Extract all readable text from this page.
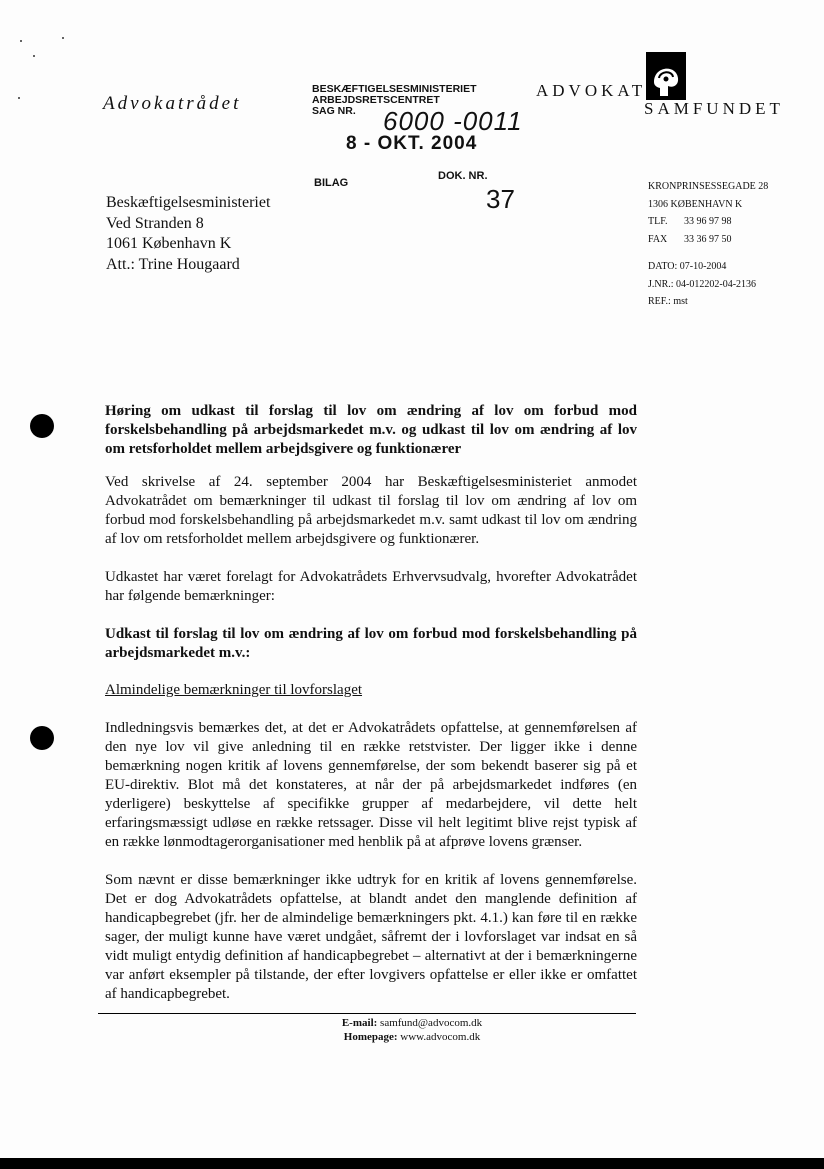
Advokatrådet
BESKÆFTIGELSESMINISTERIET
ARBEJDSRETSCENTRET
SAG NR.	6000 -0011
8 - OKT. 2004
BILAG
DOK. NR.
37
ADVOKAT
SAMFUNDET
Beskæftigelsesministeriet
Ved Stranden 8
1061 København K
Att.: Trine Hougaard
KRONPRINSESSEGADE 28
1306 KØBENHAVN K
TLF. 33 96 97 98
FAX 33 36 97 50
DATO: 07-10-2004
J.NR.: 04-012202-04-2136
REF.: mst

Høring om udkast til forslag til lov om ændring af lov om forbud mod forskelsbehandling på arbejdsmarkedet m.v. og udkast til lov om ændring af lov om retsforholdet mellem arbejdsgivere og funktionærer

Ved skrivelse af 24. september 2004 har Beskæftigelsesministeriet anmodet Advokatrådet om bemærkninger til udkast til forslag til lov om ændring af lov om forbud mod forskelsbehandling på arbejdsmarkedet m.v. samt udkast til lov om ændring af lov om retsforholdet mellem arbejdsgivere og funktionærer.

Udkastet har været forelagt for Advokatrådets Erhvervsudvalg, hvorefter Advokatrådet har følgende bemærkninger:

Udkast til forslag til lov om ændring af lov om forbud mod forskelsbehandling på arbejdsmarkedet m.v.:

Almindelige bemærkninger til lovforslaget

Indledningsvis bemærkes det, at det er Advokatrådets opfattelse, at gennemførelsen af den nye lov vil give anledning til en række retstvister. Der ligger ikke i denne bemærkning nogen kritik af lovens gennemførelse, der som bekendt baserer sig på et EU-direktiv. Blot må det konstateres, at når der på arbejdsmarkedet indføres (en yderligere) beskyttelse af specifikke grupper af medarbejdere, vil dette helt erfaringsmæssigt udløse en række retssager. Disse vil helt legitimt blive rejst typisk af en række lønmodtagerorganisationer med henblik på at afprøve lovens grænser.

Som nævnt er disse bemærkninger ikke udtryk for en kritik af lovens gennemførelse. Det er dog Advokatrådets opfattelse, at blandt andet den manglende definition af handicapbegrebet (jfr. her de almindelige bemærkningers pkt. 4.1.) kan føre til en række sager, der muligt kunne have været undgået, såfremt der i lovforslaget var indsat en så vidt muligt entydig definition af handicapbegrebet – alternativt at der i bemærkningerne var anført eksempler på tilstande, der efter lovgivers opfattelse er eller ikke er omfattet af handicapbegrebet.

E-mail: samfund@advocom.dk
Homepage: www.advocom.dk
